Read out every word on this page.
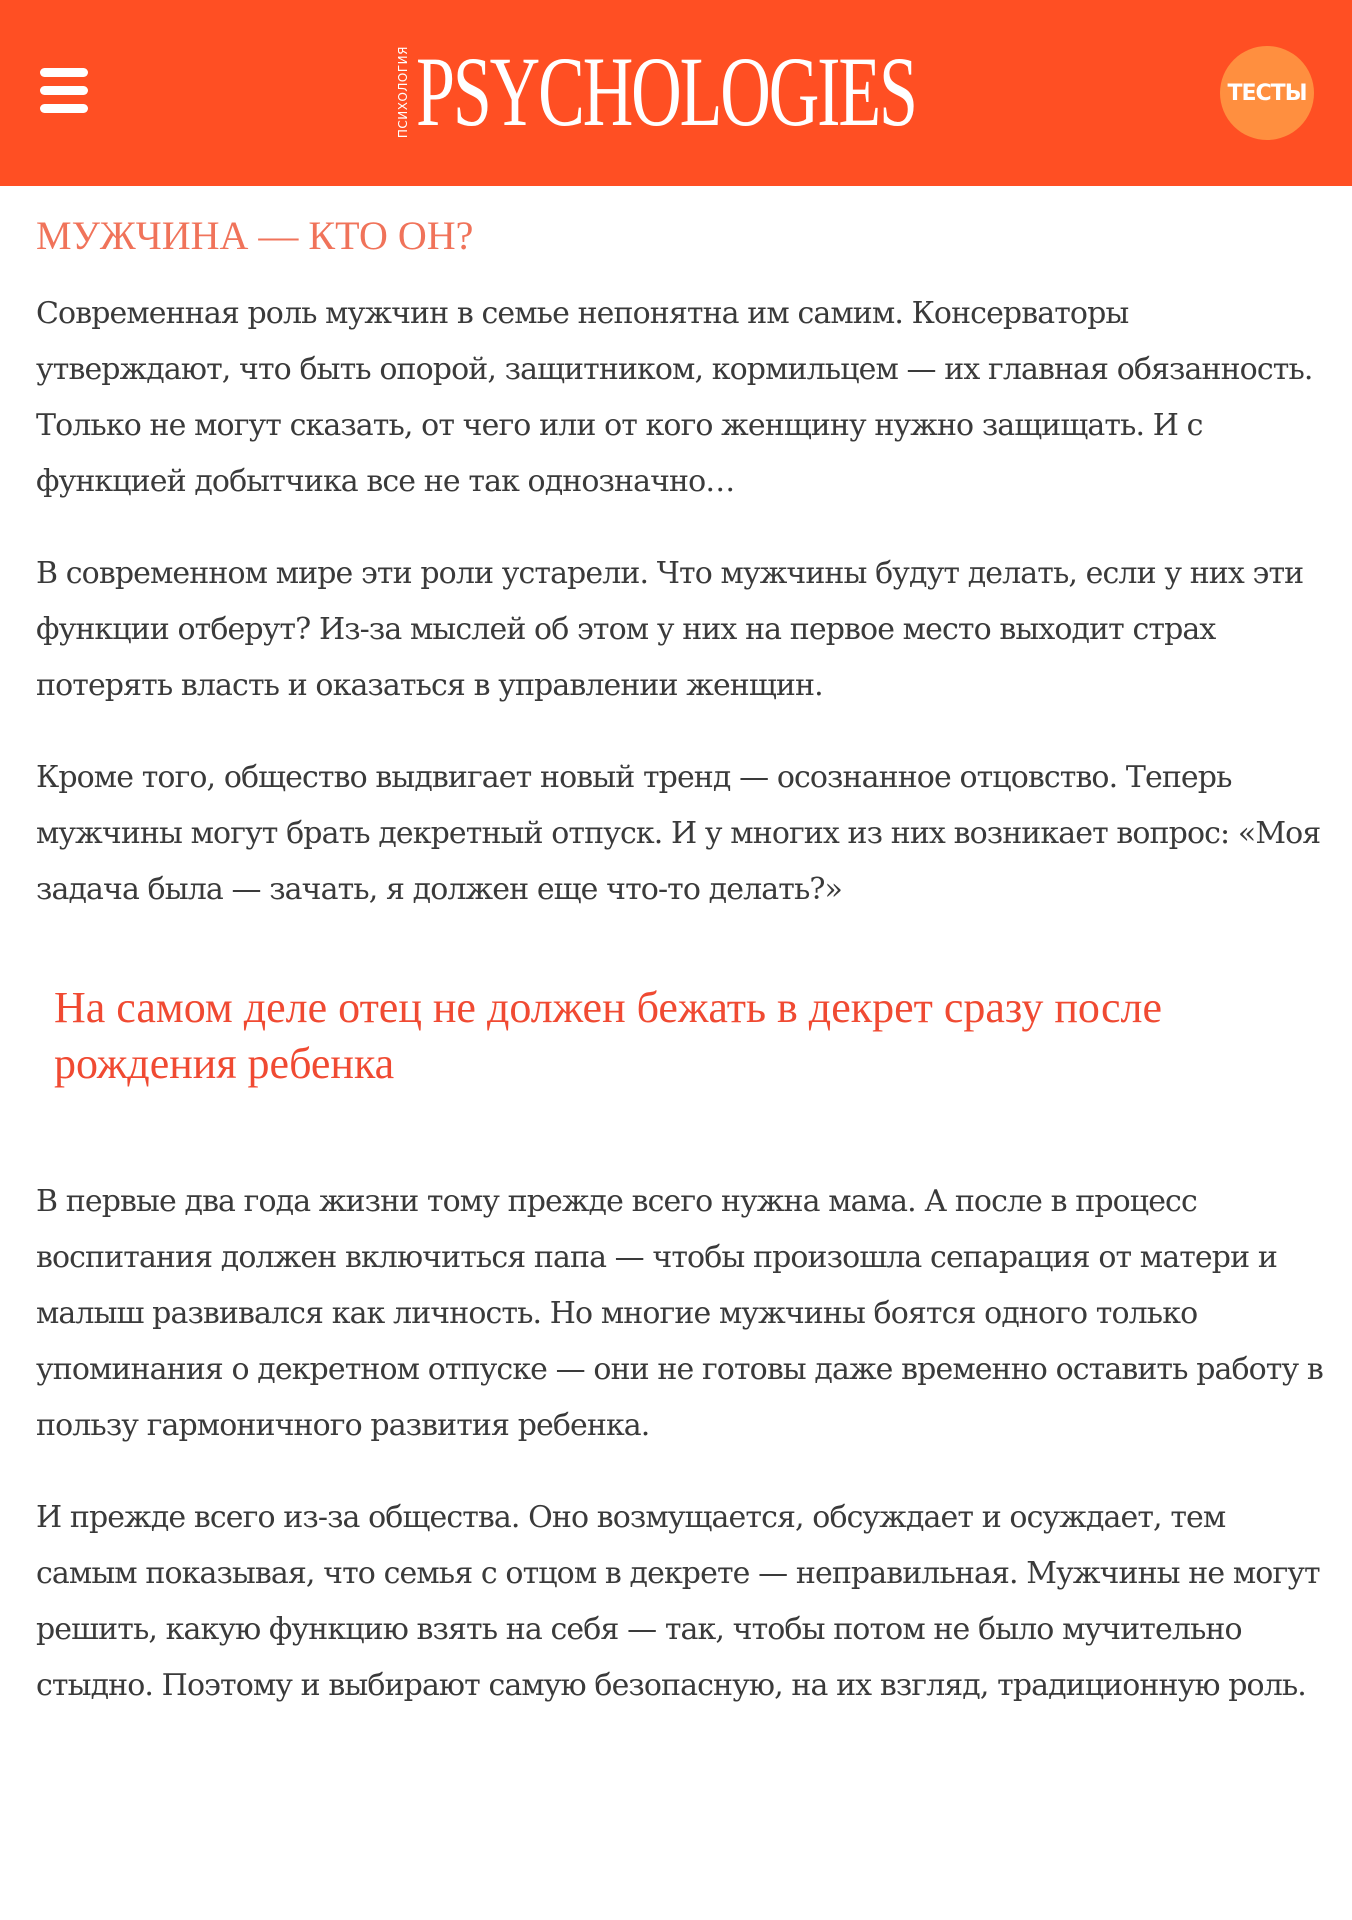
ПСИХОЛОГИЯ PSYCHOLOGIES	ТЕСТЫ
МУЖЧИНА — КТО ОН?

Современная роль мужчин в семье непонятна им самим. Консерваторы утверждают, что быть опорой, защитником, кормильцем — их главная обязанность. Только не могут сказать, от чего или от кого женщину нужно защищать. И с функцией добытчика все не так однозначно…

В современном мире эти роли устарели. Что мужчины будут делать, если у них эти функции отберут? Из-за мыслей об этом у них на первое место выходит страх потерять власть и оказаться в управлении женщин.

Кроме того, общество выдвигает новый тренд — осознанное отцовство. Теперь мужчины могут брать декретный отпуск. И у многих из них возникает вопрос: «Моя задача была — зачать, я должен еще что-то делать?»

На самом деле отец не должен бежать в декрет сразу после рождения ребенка

В первые два года жизни тому прежде всего нужна мама. А после в процесс воспитания должен включиться папа — чтобы произошла сепарация от матери и малыш развивался как личность. Но многие мужчины боятся одного только упоминания о декретном отпуске — они не готовы даже временно оставить работу в пользу гармоничного развития ребенка.

И прежде всего из-за общества. Оно возмущается, обсуждает и осуждает, тем самым показывая, что семья с отцом в декрете — неправильная. Мужчины не могут решить, какую функцию взять на себя — так, чтобы потом не было мучительно стыдно. Поэтому и выбирают самую безопасную, на их взгляд, традиционную роль.
